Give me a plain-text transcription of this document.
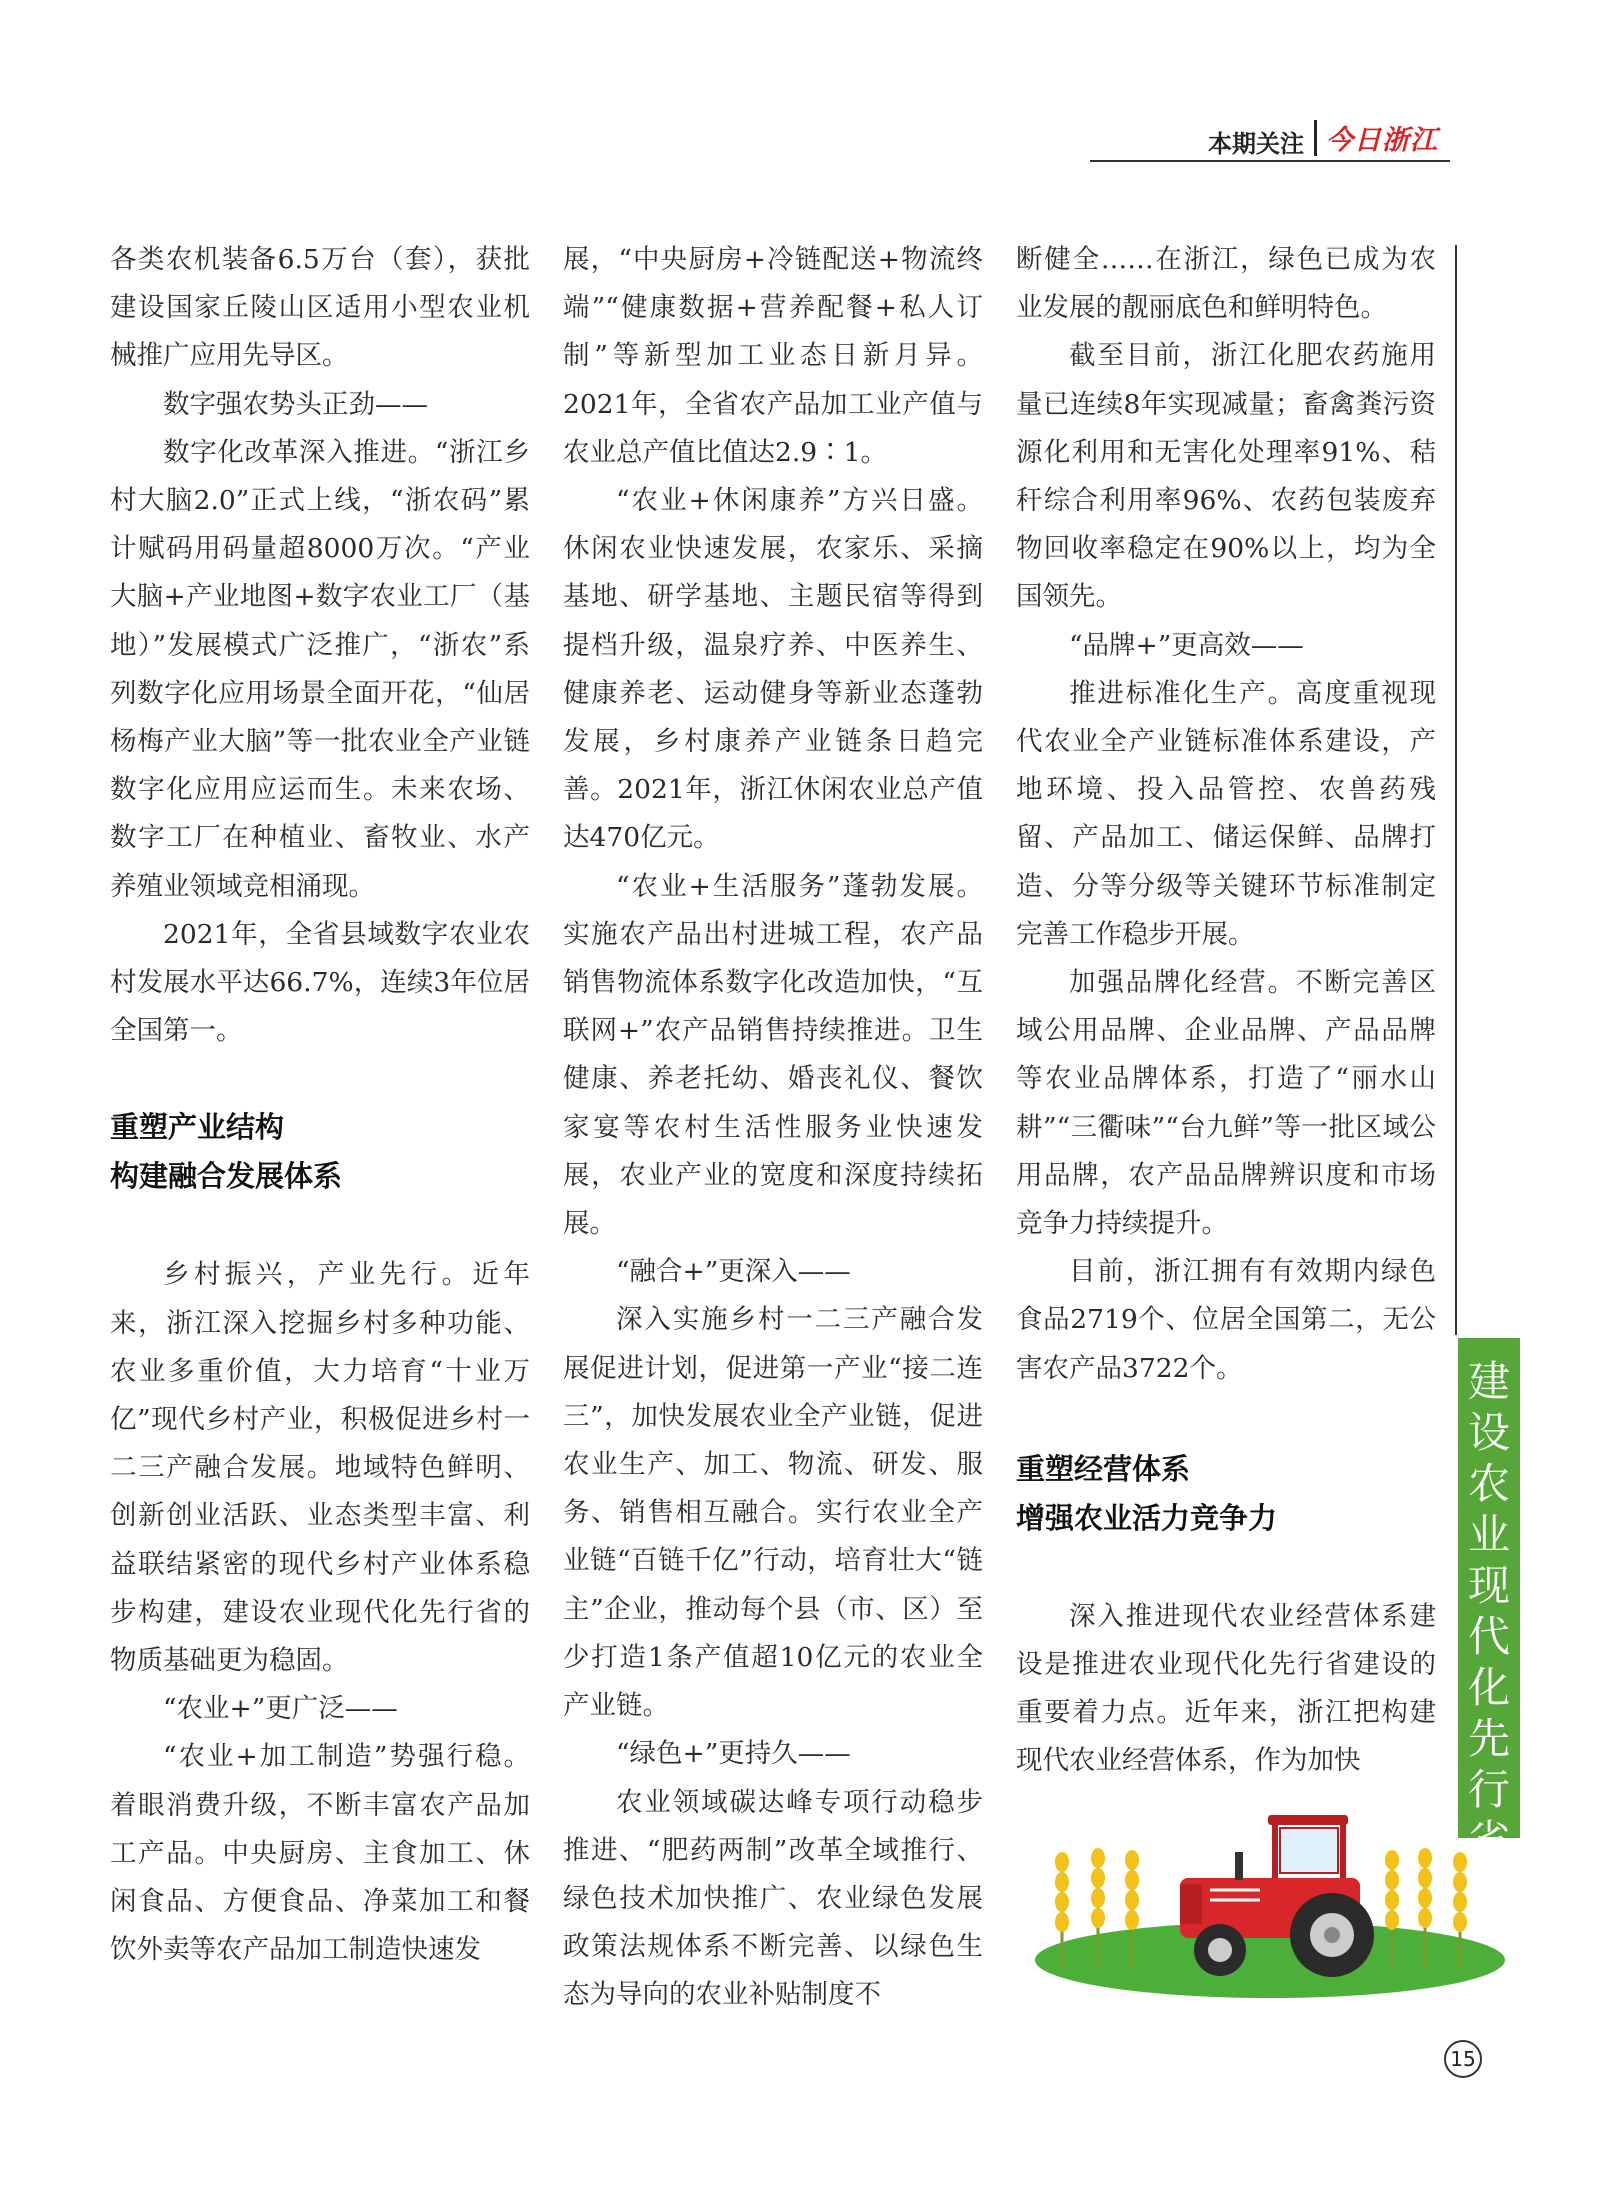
本期关注 今日浙江

各类农机装备6.5万台（套），获批建设国家丘陵山区适用小型农业机械推广应用先导区。

数字强农势头正劲——

数字化改革深入推进。“浙江乡村大脑2.0”正式上线，“浙农码”累计赋码用码量超8000万次。“产业大脑+产业地图+数字农业工厂（基地）”发展模式广泛推广，“浙农”系列数字化应用场景全面开花，“仙居杨梅产业大脑”等一批农业全产业链数字化应用应运而生。未来农场、数字工厂在种植业、畜牧业、水产养殖业领域竞相涌现。

2021年，全省县域数字农业农村发展水平达66.7%，连续3年位居全国第一。

重塑产业结构
构建融合发展体系

乡村振兴，产业先行。近年来，浙江深入挖掘乡村多种功能、农业多重价值，大力培育“十业万亿”现代乡村产业，积极促进乡村一二三产融合发展。地域特色鲜明、创新创业活跃、业态类型丰富、利益联结紧密的现代乡村产业体系稳步构建，建设农业现代化先行省的物质基础更为稳固。

“农业+”更广泛——

“农业+加工制造”势强行稳。着眼消费升级，不断丰富农产品加工产品。中央厨房、主食加工、休闲食品、方便食品、净菜加工和餐饮外卖等农产品加工制造快速发

展，“中央厨房+冷链配送+物流终端”“健康数据+营养配餐+私人订制”等新型加工业态日新月异。2021年，全省农产品加工业产值与农业总产值比值达2.9∶1。

“农业+休闲康养”方兴日盛。休闲农业快速发展，农家乐、采摘基地、研学基地、主题民宿等得到提档升级，温泉疗养、中医养生、健康养老、运动健身等新业态蓬勃发展，乡村康养产业链条日趋完善。2021年，浙江休闲农业总产值达470亿元。

“农业+生活服务”蓬勃发展。实施农产品出村进城工程，农产品销售物流体系数字化改造加快，“互联网+”农产品销售持续推进。卫生健康、养老托幼、婚丧礼仪、餐饮家宴等农村生活性服务业快速发展，农业产业的宽度和深度持续拓展。

“融合+”更深入——

深入实施乡村一二三产融合发展促进计划，促进第一产业“接二连三”，加快发展农业全产业链，促进农业生产、加工、物流、研发、服务、销售相互融合。实行农业全产业链“百链千亿”行动，培育壮大“链主”企业，推动每个县（市、区）至少打造1条产值超10亿元的农业全产业链。

“绿色+”更持久——

农业领域碳达峰专项行动稳步推进、“肥药两制”改革全域推行、绿色技术加快推广、农业绿色发展政策法规体系不断完善、以绿色生态为导向的农业补贴制度不

断健全……在浙江，绿色已成为农业发展的靓丽底色和鲜明特色。

截至目前，浙江化肥农药施用量已连续8年实现减量；畜禽粪污资源化利用和无害化处理率91%、秸秆综合利用率96%、农药包装废弃物回收率稳定在90%以上，均为全国领先。

“品牌+”更高效——

推进标准化生产。高度重视现代农业全产业链标准体系建设，产地环境、投入品管控、农兽药残留、产品加工、储运保鲜、品牌打造、分等分级等关键环节标准制定完善工作稳步开展。

加强品牌化经营。不断完善区域公用品牌、企业品牌、产品品牌等农业品牌体系，打造了“丽水山耕”“三衢味”“台九鲜”等一批区域公用品牌，农产品品牌辨识度和市场竞争力持续提升。

目前，浙江拥有有效期内绿色食品2719个、位居全国第二，无公害农产品3722个。

重塑经营体系
增强农业活力竞争力

深入推进现代农业经营体系建设是推进农业现代化先行省建设的重要着力点。近年来，浙江把构建现代农业经营体系，作为加快

建
设
农
业
现
代
化
先
行
省
15
